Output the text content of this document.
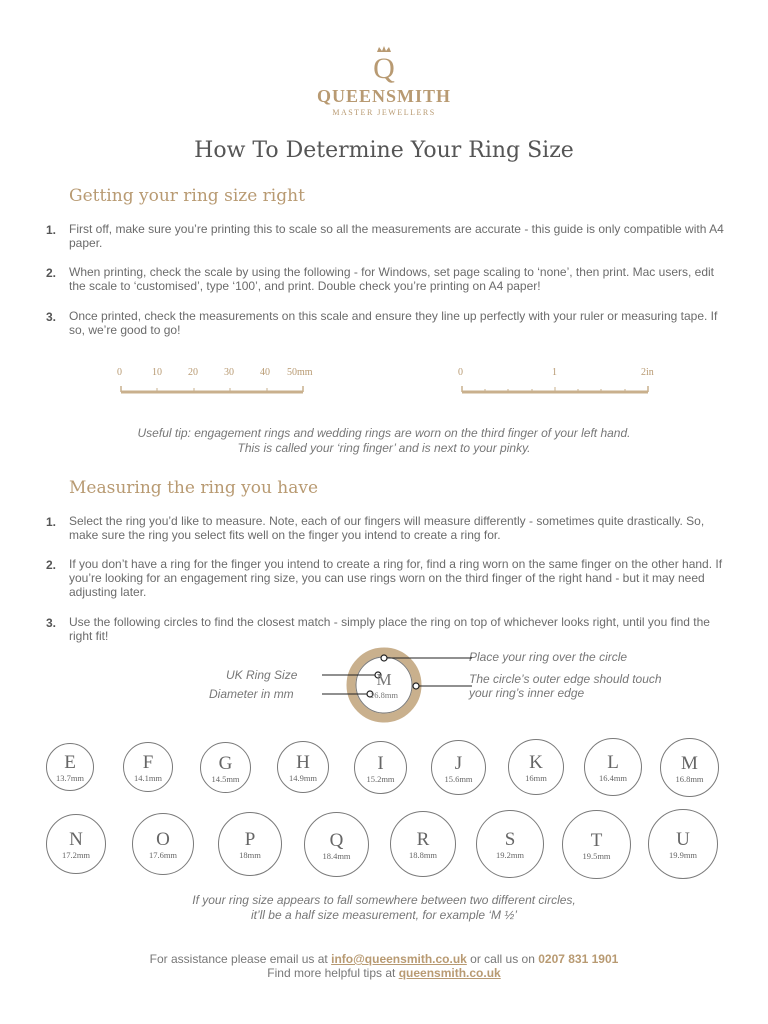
Q
QUEENSMITH
MASTER JEWELLERS
How To Determine Your Ring Size
Getting your ring size right
1. First off, make sure you’re printing this to scale so all the measurements are accurate - this guide is only compatible with A4 paper.
2. When printing, check the scale by using the following - for Windows, set page scaling to ‘none’, then print. Mac users, edit the scale to ‘customised’, type ‘100’, and print. Double check you’re printing on A4 paper!
3. Once printed, check the measurements on this scale and ensure they line up perfectly with your ruler or measuring tape. If so, we’re good to go!
0	10	20	30	40 50mm	0	1	2in
Useful tip: engagement rings and wedding rings are worn on the third finger of your left hand.
This is called your ‘ring finger’ and is next to your pinky.
Measuring the ring you have
1. Select the ring you’d like to measure. Note, each of our fingers will measure differently - sometimes quite drastically. So, make sure the ring you select fits well on the finger you intend to create a ring for.
2. If you don’t have a ring for the finger you intend to create a ring for, find a ring worn on the same finger on the other hand. If you’re looking for an engagement ring size, you can use rings worn on the third finger of the right hand - but it may need adjusting later.
3. Use the following circles to find the closest match - simply place the ring on top of whichever looks right, until you find the right fit!
UK Ring Size
Diameter in mm
Place your ring over the circle
The circle’s outer edge should touch
your ring’s inner edge
M
16.8mm
E
13.7mm
F
14.1mm
G
14.5mm
H
14.9mm
I
15.2mm
J
15.6mm
K
16mm
L
16.4mm
M
16.8mm
N
17.2mm
O
17.6mm
P
18mm
Q
18.4mm
R
18.8mm
S
19.2mm
T
19.5mm
U
19.9mm
If your ring size appears to fall somewhere between two different circles,
it’ll be a half size measurement, for example ‘M ½’
For assistance please email us at info@queensmith.co.uk or call us on 0207 831 1901
Find more helpful tips at queensmith.co.uk
